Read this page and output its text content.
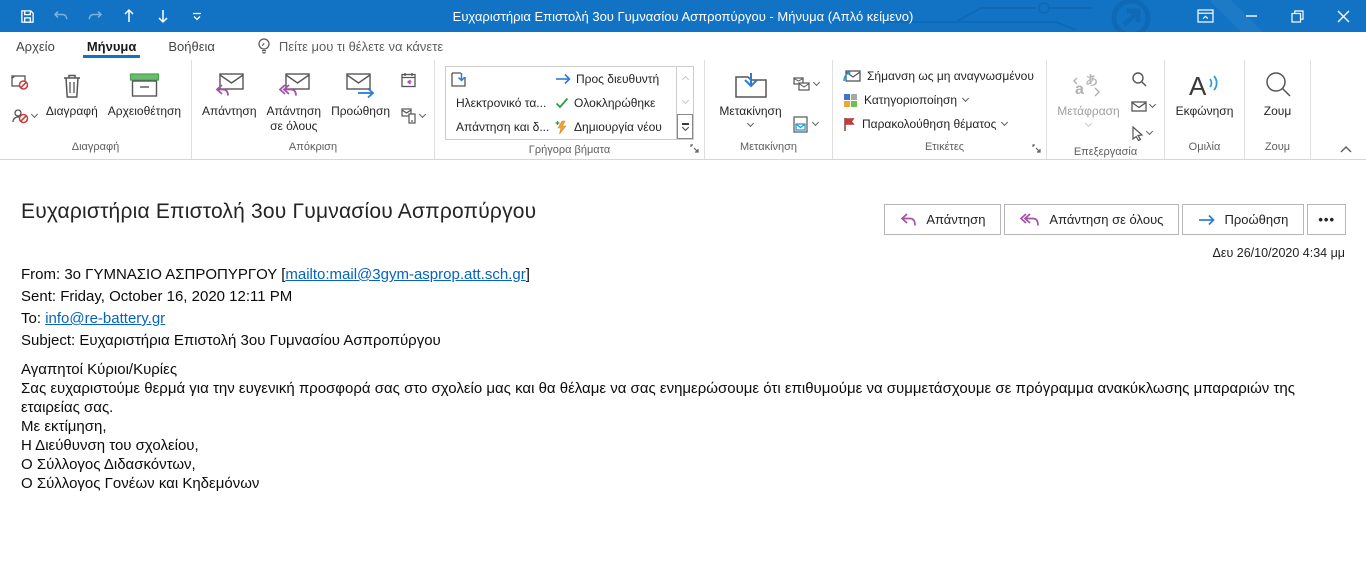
Ευχαριστήρια Επιστολή 3ου Γυμνασίου Ασπροπύργου - Μήνυμα (Απλό κείμενο)
Αρχείο	Μήνυμα	Βοήθεια	Πείτε μου τι θέλετε να κάνετε
Διαγραφή Αρχειοθέτηση
Διαγραφή
Απάντηση Απάντηση
σε όλους
Προώθηση
Απόκριση
Προς διευθυντή
Ηλεκτρονικό τα... Ολοκληρώθηκε
Απάντηση και δ... Δημιουργία νέου
Γρήγορα βήματα
Μετακίνηση
Μετακίνηση
Σήμανση ως μη αναγνωσμένου
Κατηγοριοποίηση
Παρακολούθηση θέματος
Ετικέτες
a
あ
Μετάφραση
Επεξεργασία
A
Εκφώνηση
Ομιλία
Ζουμ
Ζουμ
Ευχαριστήρια Επιστολή 3ου Γυμνασίου Ασπροπύργου	Απάντηση	Απάντηση σε όλους	Προώθηση	•••
Δευ 26/10/2020 4:34 μμ
From: 3ο ΓΥΜΝΑΣΙΟ ΑΣΠΡΟΠΥΡΓΟΥ [mailto:mail@3gym-asprop.att.sch.gr]
Sent: Friday, October 16, 2020 12:11 PM
To: info@re-battery.gr
Subject: Ευχαριστήρια Επιστολή 3ου Γυμνασίου Ασπροπύργου
Αγαπητοί Κύριοι/Κυρίες
Σας ευχαριστούμε θερμά για την ευγενική προσφορά σας στο σχολείο μας και θα θέλαμε να σας ενημερώσουμε ότι επιθυμούμε να συμμετάσχουμε σε πρόγραμμα ανακύκλωσης μπαραριών της εταιρείας σας.
Με εκτίμηση,
Η Διεύθυνση του σχολείου,
Ο Σύλλογος Διδασκόντων,
Ο Σύλλογος Γονέων και Κηδεμόνων
